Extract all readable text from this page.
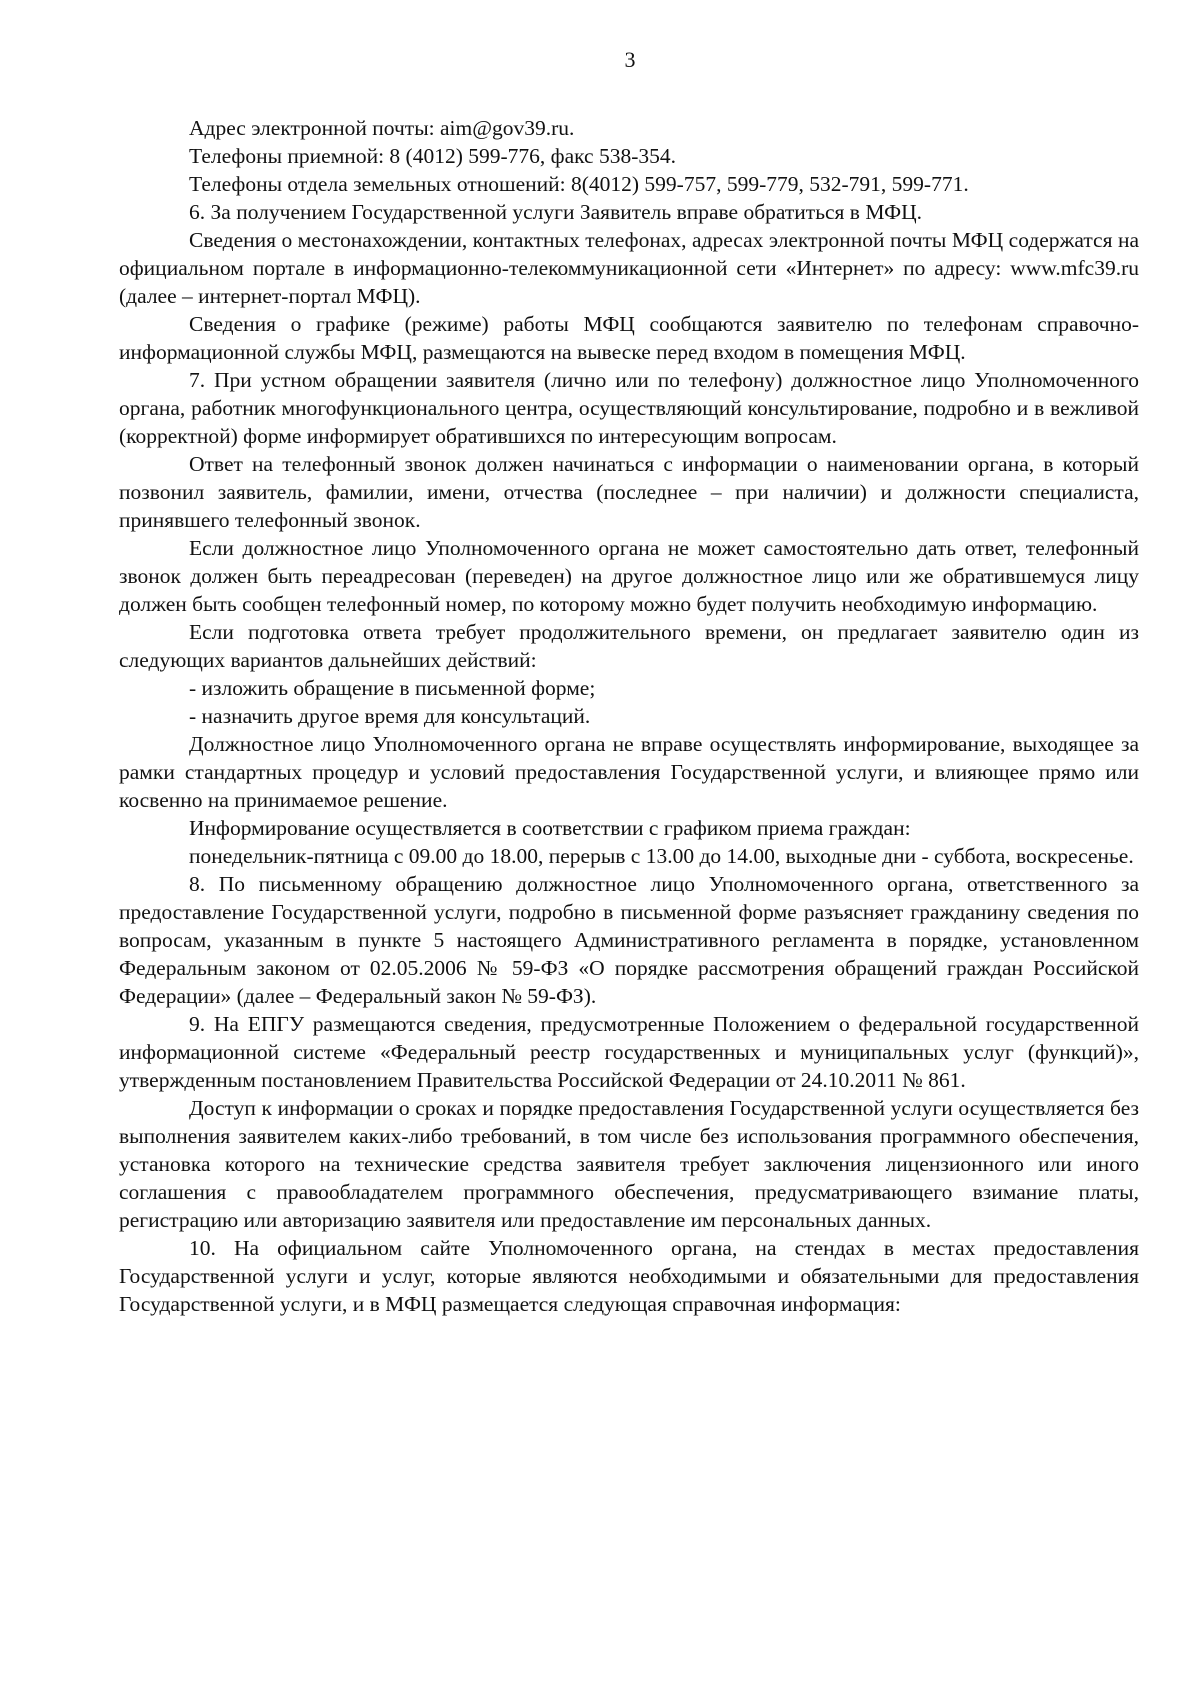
3

Адрес электронной почты: aim@gov39.ru.

Телефоны приемной: 8 (4012) 599-776, факс 538-354.

Телефоны отдела земельных отношений: 8(4012) 599-757, 599-779, 532-791, 599-771.

6. За получением Государственной услуги Заявитель вправе обратиться в МФЦ.

Сведения о местонахождении, контактных телефонах, адресах электронной почты МФЦ содержатся на официальном портале в информационно-телекоммуникационной сети «Интернет» по адресу: www.mfc39.ru (далее – интернет-портал МФЦ).

Сведения о графике (режиме) работы МФЦ сообщаются заявителю по телефонам справочно-информационной службы МФЦ, размещаются на вывеске перед входом в помещения МФЦ.

7. При устном обращении заявителя (лично или по телефону) должностное лицо Уполномоченного органа, работник многофункционального центра, осуществляющий консультирование, подробно и в вежливой (корректной) форме информирует обратившихся по интересующим вопросам.

Ответ на телефонный звонок должен начинаться с информации о наименовании органа, в который позвонил заявитель, фамилии, имени, отчества (последнее – при наличии) и должности специалиста, принявшего телефонный звонок.

Если должностное лицо Уполномоченного органа не может самостоятельно дать ответ, телефонный звонок должен быть переадресован (переведен) на другое должностное лицо или же обратившемуся лицу должен быть сообщен телефонный номер, по которому можно будет получить необходимую информацию.

Если подготовка ответа требует продолжительного времени, он предлагает заявителю один из следующих вариантов дальнейших действий:

- изложить обращение в письменной форме;

- назначить другое время для консультаций.

Должностное лицо Уполномоченного органа не вправе осуществлять информирование, выходящее за рамки стандартных процедур и условий предоставления Государственной услуги, и влияющее прямо или косвенно на принимаемое решение.

Информирование осуществляется в соответствии с графиком приема граждан:

понедельник-пятница с 09.00 до 18.00, перерыв с 13.00 до 14.00, выходные дни - суббота, воскресенье.

8. По письменному обращению должностное лицо Уполномоченного органа, ответственного за предоставление Государственной услуги, подробно в письменной форме разъясняет гражданину сведения по вопросам, указанным в пункте 5 настоящего Административного регламента в порядке, установленном Федеральным законом от 02.05.2006 № 59-ФЗ «О порядке рассмотрения обращений граждан Российской Федерации» (далее – Федеральный закон № 59-ФЗ).

9. На ЕПГУ размещаются сведения, предусмотренные Положением о федеральной государственной информационной системе «Федеральный реестр государственных и муниципальных услуг (функций)», утвержденным постановлением Правительства Российской Федерации от 24.10.2011 № 861.

Доступ к информации о сроках и порядке предоставления Государственной услуги осуществляется без выполнения заявителем каких-либо требований, в том числе без использования программного обеспечения, установка которого на технические средства заявителя требует заключения лицензионного или иного соглашения с правообладателем программного обеспечения, предусматривающего взимание платы, регистрацию или авторизацию заявителя или предоставление им персональных данных.

10. На официальном сайте Уполномоченного органа, на стендах в местах предоставления Государственной услуги и услуг, которые являются необходимыми и обязательными для предоставления Государственной услуги, и в МФЦ размещается следующая справочная информация:
